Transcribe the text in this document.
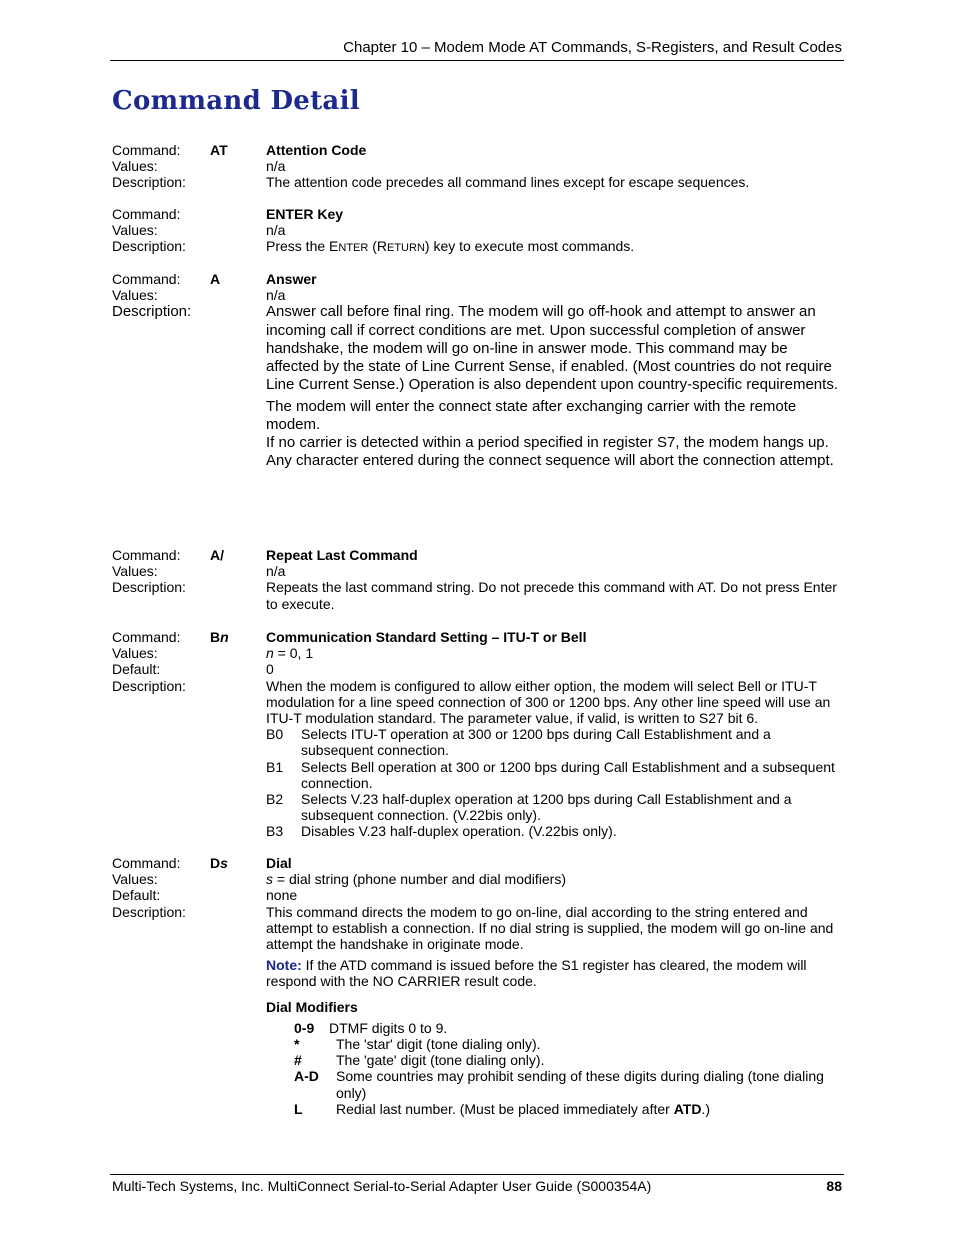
Chapter 10 – Modem Mode AT Commands, S-Registers, and Result Codes
Command Detail
Command: AT	Attention Code
Values:	n/a
Description:	The attention code precedes all command lines except for escape sequences.
Command:	ENTER Key
Values:	n/a
Description:	Press the ENTER (RETURN) key to execute most commands.
Command: A	Answer
Values:	n/a
Description:	Answer call before final ring. The modem will go off-hook and attempt to answer an incoming call if correct conditions are met. Upon successful completion of answer handshake, the modem will go on-line in answer mode. This command may be affected by the state of Line Current Sense, if enabled. (Most countries do not require Line Current Sense.) Operation is also dependent upon country-specific requirements.
The modem will enter the connect state after exchanging carrier with the remote modem.
If no carrier is detected within a period specified in register S7, the modem hangs up.
Any character entered during the connect sequence will abort the connection attempt.
Command: A/	Repeat Last Command
Values:	n/a
Description:	Repeats the last command string. Do not precede this command with AT. Do not press Enter to execute.
Command: Bn	Communication Standard Setting – ITU-T or Bell
Values:	n = 0, 1
Default:	0
Description:	When the modem is configured to allow either option, the modem will select Bell or ITU-T modulation for a line speed connection of 300 or 1200 bps. Any other line speed will use an ITU-T modulation standard. The parameter value, if valid, is written to S27 bit 6.
B0 Selects ITU-T operation at 300 or 1200 bps during Call Establishment and a subsequent connection.
B1 Selects Bell operation at 300 or 1200 bps during Call Establishment and a subsequent connection.
B2 Selects V.23 half-duplex operation at 1200 bps during Call Establishment and a subsequent connection. (V.22bis only).
B3 Disables V.23 half-duplex operation. (V.22bis only).
Command: Ds	Dial
Values:	s = dial string (phone number and dial modifiers)
Default:	none
Description:	This command directs the modem to go on-line, dial according to the string entered and attempt to establish a connection. If no dial string is supplied, the modem will go on-line and attempt the handshake in originate mode.
Note: If the ATD command is issued before the S1 register has cleared, the modem will respond with the NO CARRIER result code.
Dial Modifiers
0-9 DTMF digits 0 to 9.
*	The 'star' digit (tone dialing only).
# The 'gate' digit (tone dialing only).
A-D Some countries may prohibit sending of these digits during dialing (tone dialing only)
L Redial last number. (Must be placed immediately after ATD.)
Multi-Tech Systems, Inc. MultiConnect Serial-to-Serial Adapter User Guide (S000354A)	88
